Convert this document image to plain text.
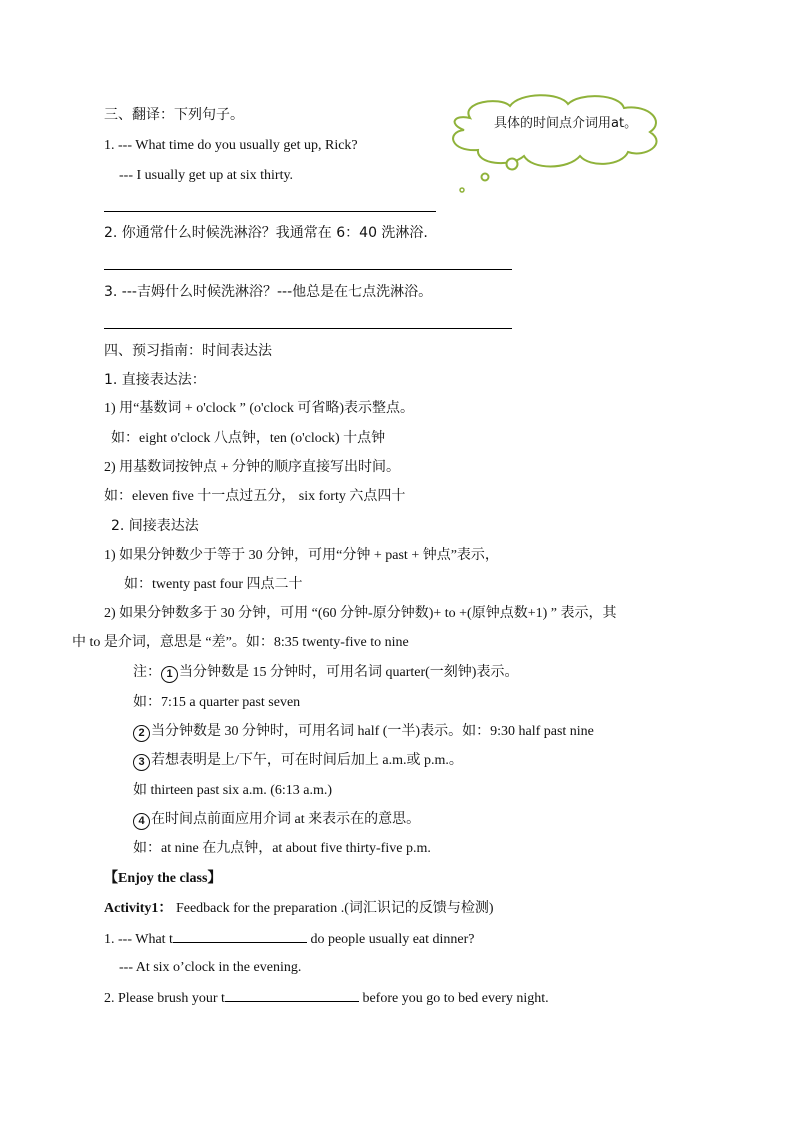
具体的时间点介词用at。
三、翻译：下列句子。
1. --- What time do you usually get up, Rick?
--- I usually get up at six thirty.
2. 你通常什么时候洗淋浴？我通常在 6：40 洗淋浴.
3. ---吉姆什么时候洗淋浴？---他总是在七点洗淋浴。
四、预习指南：时间表达法
1. 直接表达法：
1) 用“基数词 + o'clock ” (o'clock 可省略)表示整点。
如：eight o'clock 八点钟，ten (o'clock) 十点钟
2) 用基数词按钟点 + 分钟的顺序直接写出时间。
如：eleven five 十一点过五分， six forty 六点四十
2. 间接表达法
1) 如果分钟数少于等于 30 分钟，可用“分钟 + past + 钟点”表示，
如：twenty past four 四点二十
2) 如果分钟数多于 30 分钟，可用 “(60 分钟-原分钟数)+ to +(原钟点数+1) ” 表示，其
中 to 是介词，意思是 “差”。如：8:35 twenty-five to nine
注： 1 当分钟数是 15 分钟时，可用名词 quarter(一刻钟)表示。
如：7:15 a quarter past seven
2 当分钟数是 30 分钟时，可用名词 half (一半)表示。如：9:30 half past nine
3 若想表明是上/下午，可在时间后加上 a.m.或 p.m.。
如 thirteen past six a.m. (6:13 a.m.)
4 在时间点前面应用介词 at 来表示在的意思。
如：at nine 在九点钟，at about five thirty-five p.m.
【Enjoy the class】
Activity1： Feedback for the preparation .(词汇识记的反馈与检测)
1. --- What t	do people usually eat dinner?
--- At six o’clock in the evening.
2. Please brush your t	before you go to bed every night.
